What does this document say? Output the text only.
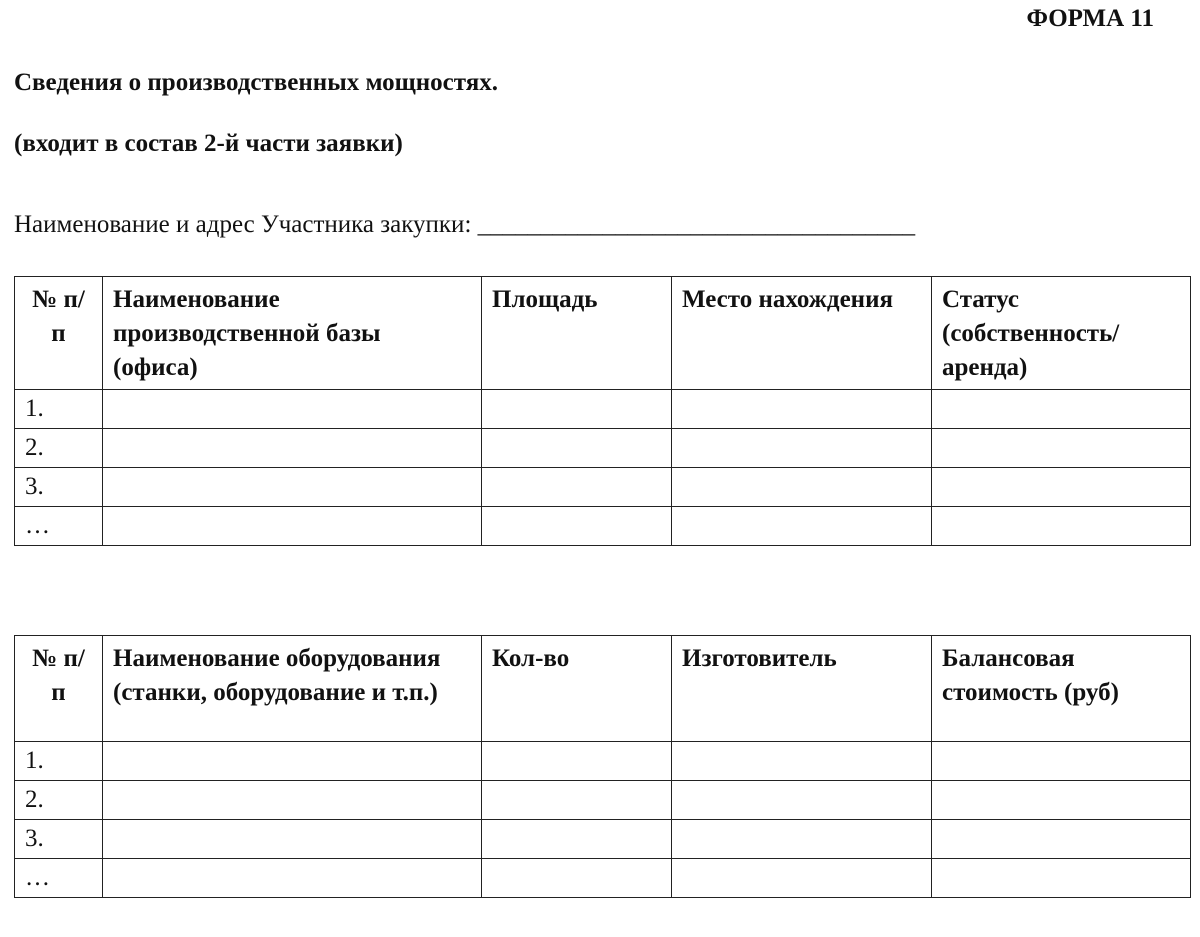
ФОРМА 11
Сведения о производственных мощностях.
(входит в состав 2-й части заявки)
Наименование и адрес Участника закупки: ___________________________________
№ п/п	Наименование производственной базы (офиса)	Площадь	Место нахождения	Статус (собственность/ аренда)
1.				
2.				
3.				
…				
№ п/п	Наименование оборудования (станки, оборудование и т.п.)	Кол-во	Изготовитель	Балансовая стоимость (руб)
1.				
2.				
3.				
…				
